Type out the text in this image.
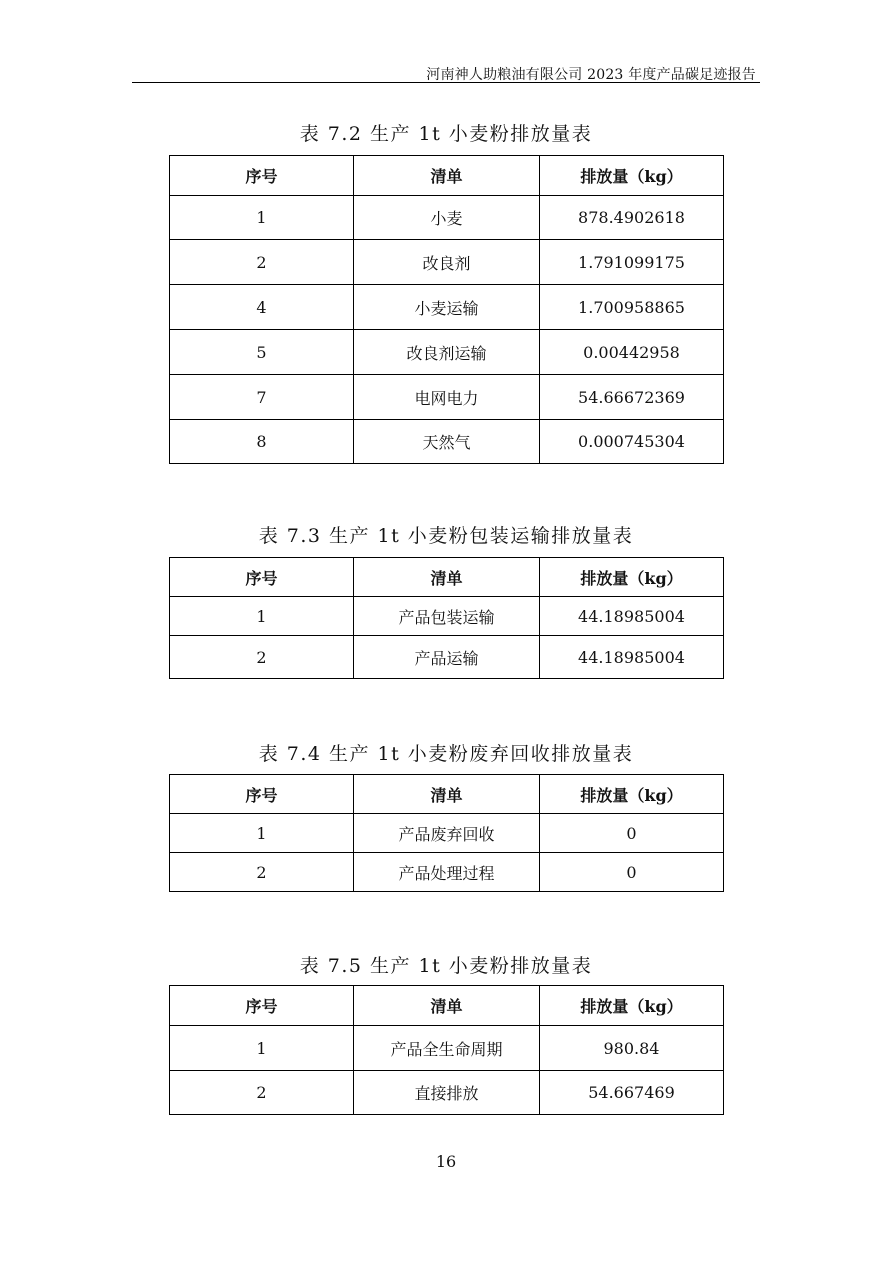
河南神人助粮油有限公司 2023 年度产品碳足迹报告
表 7.2 生产 1t 小麦粉排放量表
序号	清单	排放量（kg）
1	小麦	878.4902618
2	改良剂	1.791099175
4	小麦运输	1.700958865
5	改良剂运输	0.00442958
7	电网电力	54.66672369
8	天然气	0.000745304
表 7.3 生产 1t 小麦粉包装运输排放量表
序号	清单	排放量（kg）
1	产品包装运输	44.18985004
2	产品运输	44.18985004
表 7.4 生产 1t 小麦粉废弃回收排放量表
序号	清单	排放量（kg）
1	产品废弃回收	0
2	产品处理过程	0
表 7.5 生产 1t 小麦粉排放量表
序号	清单	排放量（kg）
1	产品全生命周期	980.84
2	直接排放	54.667469
16
